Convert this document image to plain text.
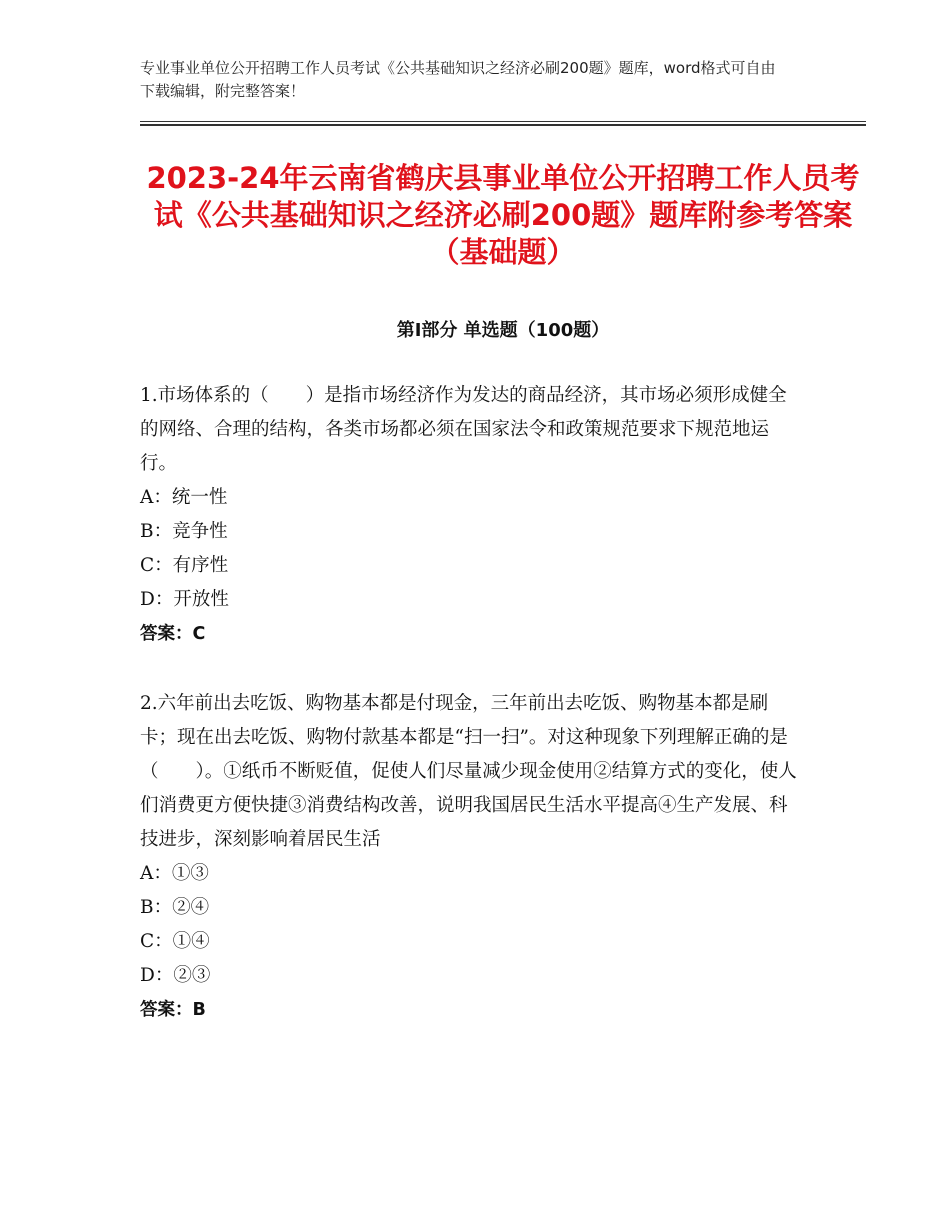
专业事业单位公开招聘工作人员考试《公共基础知识之经济必刷200题》题库，word格式可自由下载编辑，附完整答案！
2023-24年云南省鹤庆县事业单位公开招聘工作人员考试《公共基础知识之经济必刷200题》题库附参考答案（基础题）
第Ⅰ部分 单选题（100题）
1.市场体系的（　　）是指市场经济作为发达的商品经济，其市场必须形成健全的网络、合理的结构，各类市场都必须在国家法令和政策规范要求下规范地运行。
A：统一性
B：竞争性
C：有序性
D：开放性
答案：C
2.六年前出去吃饭、购物基本都是付现金，三年前出去吃饭、购物基本都是刷卡；现在出去吃饭、购物付款基本都是“扫一扫”。对这种现象下列理解正确的是（　　）。①纸币不断贬值，促使人们尽量减少现金使用②结算方式的变化，使人们消费更方便快捷③消费结构改善，说明我国居民生活水平提高④生产发展、科技进步，深刻影响着居民生活
A：①③
B：②④
C：①④
D：②③
答案：B
